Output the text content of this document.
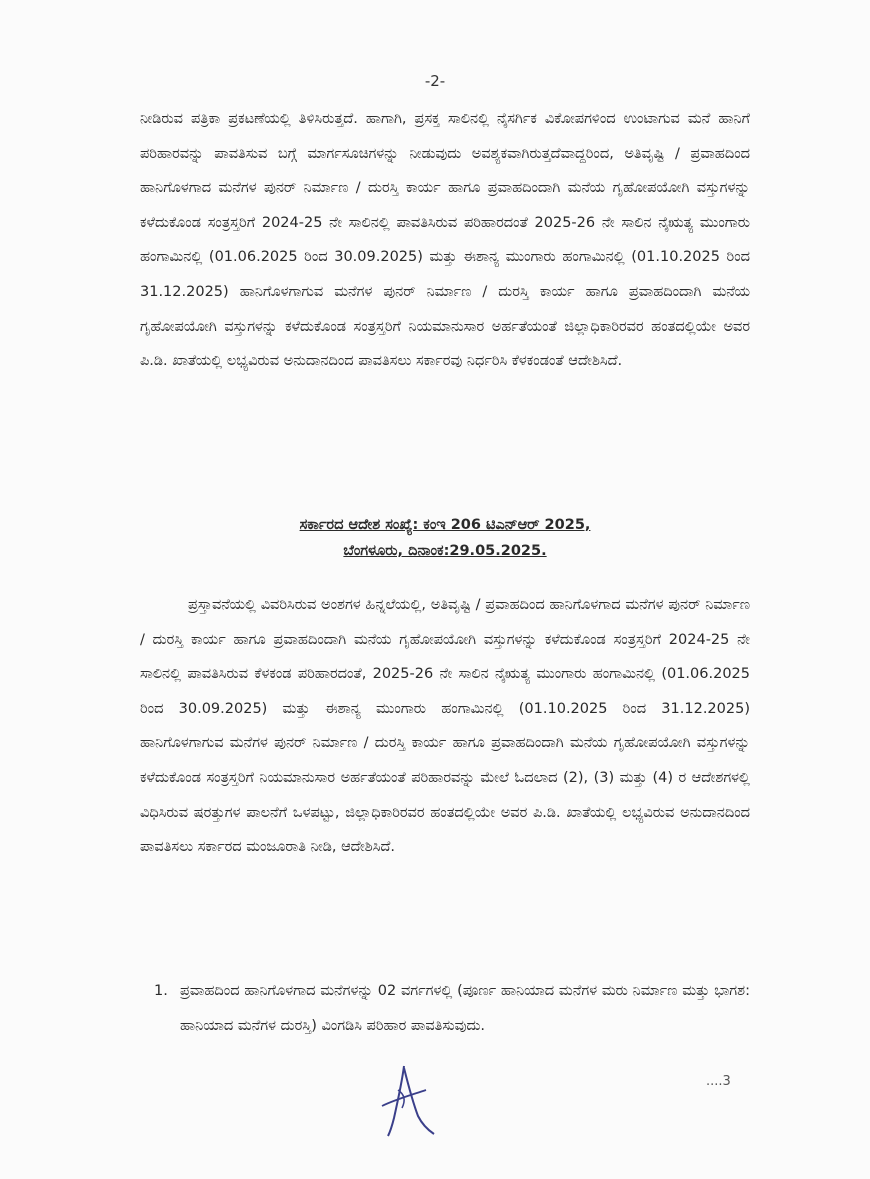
-2-

ನೀಡಿರುವ ಪತ್ರಿಕಾ ಪ್ರಕಟಣೆಯಲ್ಲಿ ತಿಳಿಸಿರುತ್ತದೆ. ಹಾಗಾಗಿ, ಪ್ರಸಕ್ತ ಸಾಲಿನಲ್ಲಿ ನೈಸರ್ಗಿಕ ವಿಕೋಪಗಳಿಂದ ಉಂಟಾಗುವ ಮನೆ ಹಾನಿಗೆ ಪರಿಹಾರವನ್ನು ಪಾವತಿಸುವ ಬಗ್ಗೆ ಮಾರ್ಗಸೂಚಿಗಳನ್ನು ನೀಡುವುದು ಅವಶ್ಯಕವಾಗಿರುತ್ತದೆವಾದ್ದರಿಂದ, ಅತಿವೃಷ್ಟಿ / ಪ್ರವಾಹದಿಂದ ಹಾನಿಗೊಳಗಾದ ಮನೆಗಳ ಪುನರ್ ನಿರ್ಮಾಣ / ದುರಸ್ತಿ ಕಾರ್ಯ ಹಾಗೂ ಪ್ರವಾಹದಿಂದಾಗಿ ಮನೆಯ ಗೃಹೋಪಯೋಗಿ ವಸ್ತುಗಳನ್ನು ಕಳೆದುಕೊಂಡ ಸಂತ್ರಸ್ತರಿಗೆ 2024-25 ನೇ ಸಾಲಿನಲ್ಲಿ ಪಾವತಿಸಿರುವ ಪರಿಹಾರದಂತೆ 2025-26 ನೇ ಸಾಲಿನ ನೈಋತ್ಯ ಮುಂಗಾರು ಹಂಗಾಮಿನಲ್ಲಿ (01.06.2025 ರಿಂದ 30.09.2025) ಮತ್ತು ಈಶಾನ್ಯ ಮುಂಗಾರು ಹಂಗಾಮಿನಲ್ಲಿ (01.10.2025 ರಿಂದ 31.12.2025) ಹಾನಿಗೊಳಗಾಗುವ ಮನೆಗಳ ಪುನರ್ ನಿರ್ಮಾಣ / ದುರಸ್ತಿ ಕಾರ್ಯ ಹಾಗೂ ಪ್ರವಾಹದಿಂದಾಗಿ ಮನೆಯ ಗೃಹೋಪಯೋಗಿ ವಸ್ತುಗಳನ್ನು ಕಳೆದುಕೊಂಡ ಸಂತ್ರಸ್ತರಿಗೆ ನಿಯಮಾನುಸಾರ ಅರ್ಹತೆಯಂತೆ ಜಿಲ್ಲಾಧಿಕಾರಿರವರ ಹಂತದಲ್ಲಿಯೇ ಅವರ ಪಿ.ಡಿ. ಖಾತೆಯಲ್ಲಿ ಲಭ್ಯವಿರುವ ಅನುದಾನದಿಂದ ಪಾವತಿಸಲು ಸರ್ಕಾರವು ನಿರ್ಧರಿಸಿ ಕೆಳಕಂಡಂತೆ ಆದೇಶಿಸಿದೆ.

ಸರ್ಕಾರದ ಆದೇಶ ಸಂಖ್ಯೆ: ಕಂಇ 206 ಟಿಎನ್ಆರ್ 2025,
ಬೆಂಗಳೂರು, ದಿನಾಂಕ:29.05.2025.

ಪ್ರಸ್ತಾವನೆಯಲ್ಲಿ ವಿವರಿಸಿರುವ ಅಂಶಗಳ ಹಿನ್ನಲೆಯಲ್ಲಿ, ಅತಿವೃಷ್ಟಿ / ಪ್ರವಾಹದಿಂದ ಹಾನಿಗೊಳಗಾದ ಮನೆಗಳ ಪುನರ್ ನಿರ್ಮಾಣ / ದುರಸ್ತಿ ಕಾರ್ಯ ಹಾಗೂ ಪ್ರವಾಹದಿಂದಾಗಿ ಮನೆಯ ಗೃಹೋಪಯೋಗಿ ವಸ್ತುಗಳನ್ನು ಕಳೆದುಕೊಂಡ ಸಂತ್ರಸ್ತರಿಗೆ 2024-25 ನೇ ಸಾಲಿನಲ್ಲಿ ಪಾವತಿಸಿರುವ ಕೆಳಕಂಡ ಪರಿಹಾರದಂತೆ, 2025-26 ನೇ ಸಾಲಿನ ನೈಋತ್ಯ ಮುಂಗಾರು ಹಂಗಾಮಿನಲ್ಲಿ (01.06.2025 ರಿಂದ 30.09.2025) ಮತ್ತು ಈಶಾನ್ಯ ಮುಂಗಾರು ಹಂಗಾಮಿನಲ್ಲಿ (01.10.2025 ರಿಂದ 31.12.2025) ಹಾನಿಗೊಳಗಾಗುವ ಮನೆಗಳ ಪುನರ್ ನಿರ್ಮಾಣ / ದುರಸ್ತಿ ಕಾರ್ಯ ಹಾಗೂ ಪ್ರವಾಹದಿಂದಾಗಿ ಮನೆಯ ಗೃಹೋಪಯೋಗಿ ವಸ್ತುಗಳನ್ನು ಕಳೆದುಕೊಂಡ ಸಂತ್ರಸ್ತರಿಗೆ ನಿಯಮಾನುಸಾರ ಅರ್ಹತೆಯಂತೆ ಪರಿಹಾರವನ್ನು ಮೇಲೆ ಓದಲಾದ (2), (3) ಮತ್ತು (4) ರ ಆದೇಶಗಳಲ್ಲಿ ವಿಧಿಸಿರುವ ಷರತ್ತುಗಳ ಪಾಲನೆಗೆ ಒಳಪಟ್ಟು, ಜಿಲ್ಲಾಧಿಕಾರಿರವರ ಹಂತದಲ್ಲಿಯೇ ಅವರ ಪಿ.ಡಿ. ಖಾತೆಯಲ್ಲಿ ಲಭ್ಯವಿರುವ ಅನುದಾನದಿಂದ ಪಾವತಿಸಲು ಸರ್ಕಾರದ ಮಂಜೂರಾತಿ ನೀಡಿ, ಆದೇಶಿಸಿದೆ.

1. ಪ್ರವಾಹದಿಂದ ಹಾನಿಗೊಳಗಾದ ಮನೆಗಳನ್ನು 02 ವರ್ಗಗಳಲ್ಲಿ (ಪೂರ್ಣ ಹಾನಿಯಾದ ಮನೆಗಳ ಮರು ನಿರ್ಮಾಣ ಮತ್ತು ಭಾಗಶ: ಹಾನಿಯಾದ ಮನೆಗಳ ದುರಸ್ತಿ) ವಿಂಗಡಿಸಿ ಪರಿಹಾರ ಪಾವತಿಸುವುದು.
....3
